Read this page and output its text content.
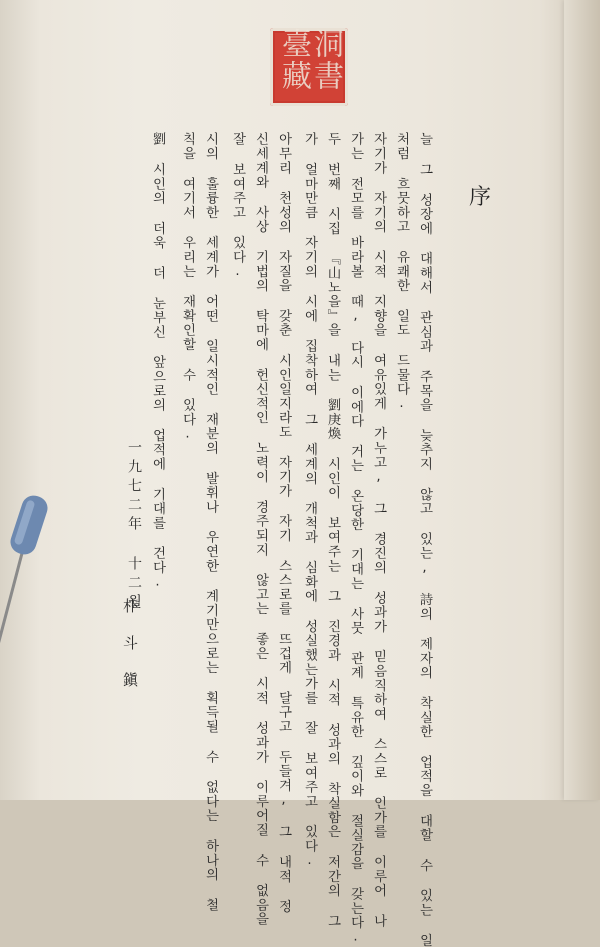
洞書臺藏
序
늘 그 성장에 대해서 관심과 주목을 늦추지 않고 있는, 詩의 제자의 착실한 업적을 대할 수 있는 일
처럼 흐뭇하고 유쾌한 일도 드물다.
자기가 자기의 시적 지향을 여유있게 가누고, 그 경진의 성과가 믿음직하여 스스로 인가를 이루어 나
가는 전모를 바라볼 때, 다시 이에다 거는 온당한 기대는 사뭇 관계 특유한 깊이와 절실감을 갖는다.
두 번째 시집 『山노을』을 내는 劉庚煥 시인이 보여주는 그 진경과 시적 성과의 착실함은 저간의 그
가 얼마만큼 자기의 시에 집착하여 그 세계의 개척과 심화에 성실했는가를 잘 보여주고 있다.
아무리 천성의 자질을 갖춘 시인일지라도 자기가 자기 스스로를 뜨겁게 달구고 두들겨, 그 내적 정
신세계와 사상 기법의 탁마에 헌신적인 노력이 경주되지 않고는 좋은 시적 성과가 이루어질 수 없음을
잘 보여주고 있다.
시의 훌륭한 세계가 어떤 일시적인 재분의 발휘나 우연한 계기만으로는 획득될 수 없다는 하나의 철
칙을 여기서 우리는 재확인할 수 있다.
劉 시인의 더욱 더 눈부신 앞으로의 업적에 기대를 건다.
一九七二年 十二월
朴斗鎭
